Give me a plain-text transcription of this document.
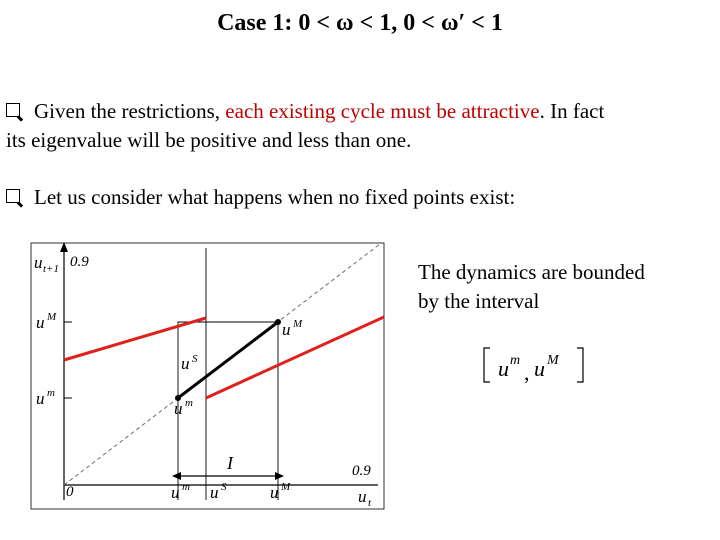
Case 1: 0 < ω < 1, 0 < ω′ < 1
Given the restrictions, each existing cycle must be attractive. In fact
its eigenvalue will be positive and less than one.
Let us consider what happens when no fixed points exist:
The dynamics are bounded
by the interval
u m , u M
u t+1 0.9
u M
u m
u M
u S
u m
I	0.9
0	u m u S	u M	u t
